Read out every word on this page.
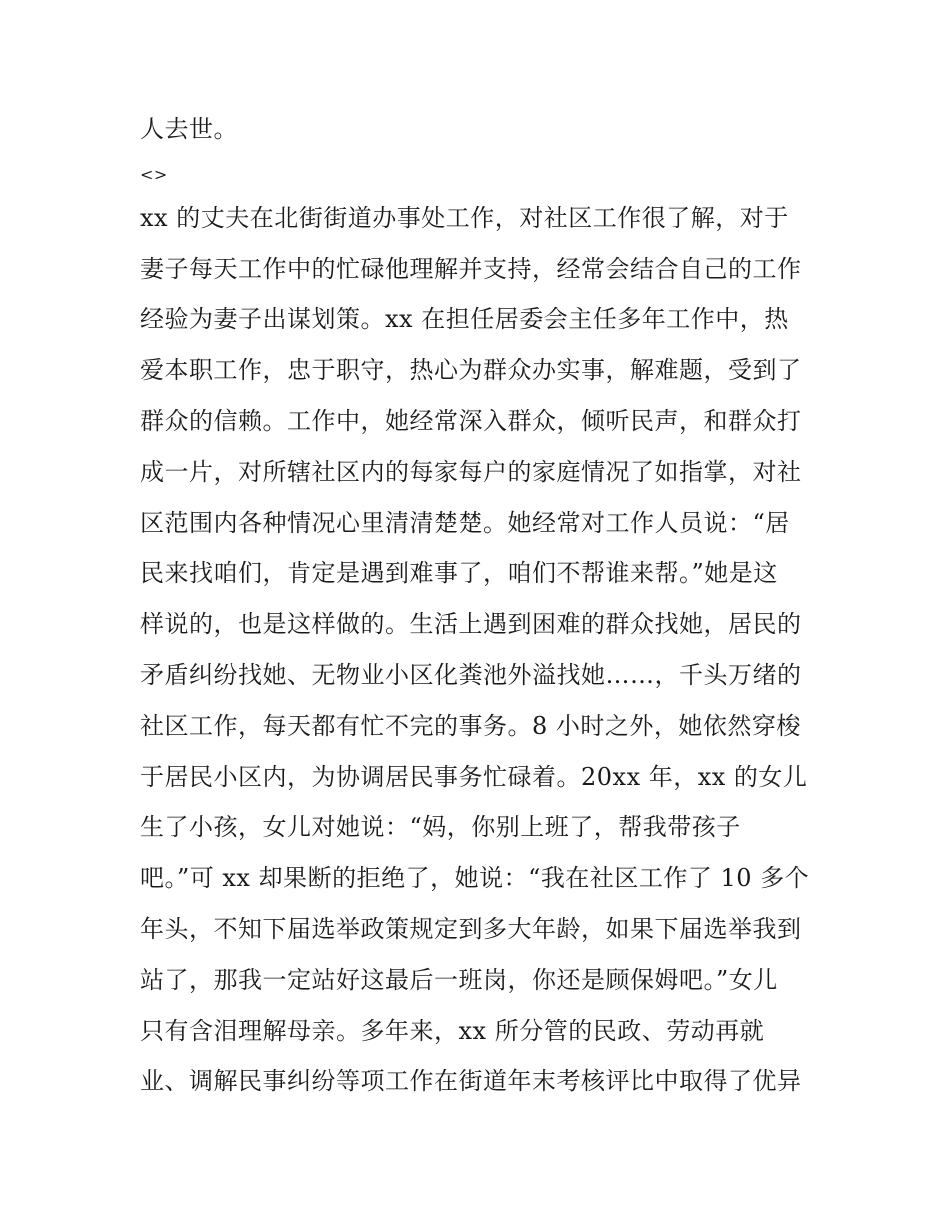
人去世。
<>
xx 的丈夫在北街街道办事处工作，对社区工作很了解，对于
妻子每天工作中的忙碌他理解并支持，经常会结合自己的工作
经验为妻子出谋划策。xx 在担任居委会主任多年工作中，热
爱本职工作，忠于职守，热心为群众办实事，解难题，受到了
群众的信赖。工作中，她经常深入群众，倾听民声，和群众打
成一片，对所辖社区内的每家每户的家庭情况了如指掌，对社
区范围内各种情况心里清清楚楚。她经常对工作人员说：“居
民来找咱们，肯定是遇到难事了，咱们不帮谁来帮。”她是这
样说的，也是这样做的。生活上遇到困难的群众找她，居民的
矛盾纠纷找她、无物业小区化粪池外溢找她……，千头万绪的
社区工作，每天都有忙不完的事务。8 小时之外，她依然穿梭
于居民小区内，为协调居民事务忙碌着。20xx 年，xx 的女儿
生了小孩，女儿对她说：“妈，你别上班了，帮我带孩子
吧。”可 xx 却果断的拒绝了，她说：“我在社区工作了 10 多个
年头，不知下届选举政策规定到多大年龄，如果下届选举我到
站了，那我一定站好这最后一班岗，你还是顾保姆吧。”女儿
只有含泪理解母亲。多年来，xx 所分管的民政、劳动再就
业、调解民事纠纷等项工作在街道年末考核评比中取得了优异
